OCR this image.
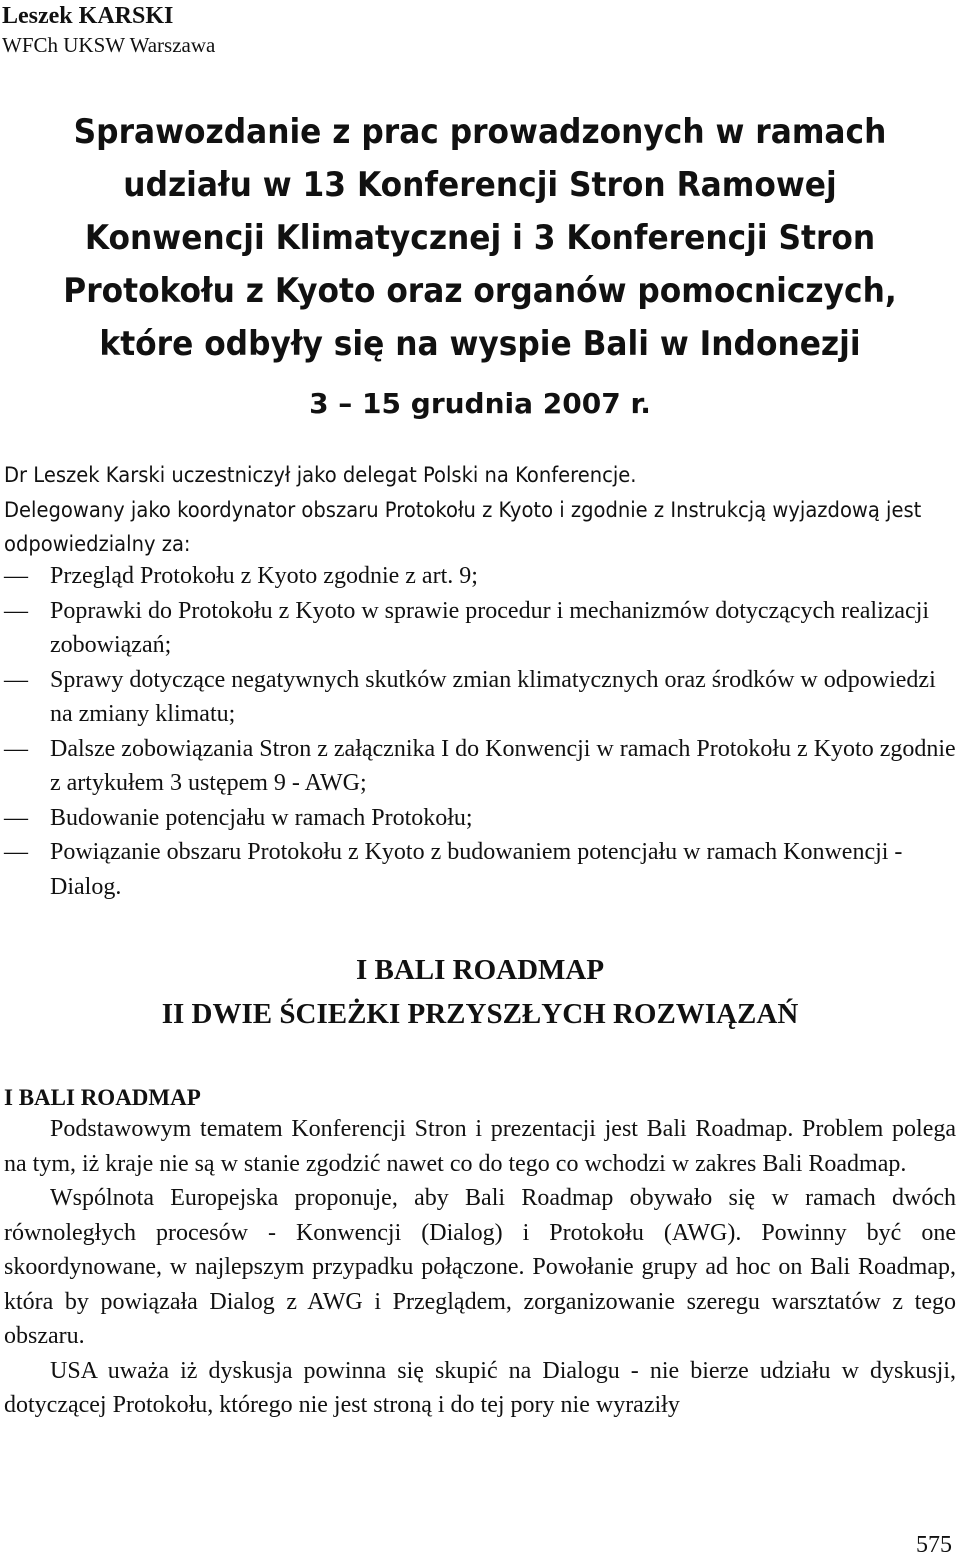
Leszek KARSKI
WFCh UKSW Warszawa
Sprawozdanie z prac prowadzonych w ramach
udziału w 13 Konferencji Stron Ramowej
Konwencji Klimatycznej i 3 Konferencji Stron
Protokołu z Kyoto oraz organów pomocniczych,
które odbyły się na wyspie Bali w Indonezji
3 – 15 grudnia 2007 r.
Dr Leszek Karski uczestniczył jako delegat Polski na Konferencje.
Delegowany jako koordynator obszaru Protokołu z Kyoto i zgodnie z Instrukcją wyjazdową jest odpowiedzialny za:
— Przegląd Protokołu z Kyoto zgodnie z art. 9;
— Poprawki do Protokołu z Kyoto w sprawie procedur i mechanizmów dotyczących realizacji zobowiązań;
— Sprawy dotyczące negatywnych skutków zmian klimatycznych oraz środków w odpowiedzi na zmiany klimatu;
— Dalsze zobowiązania Stron z załącznika I do Konwencji w ramach Protokołu z Kyoto zgodnie z artykułem 3 ustępem 9 - AWG;
— Budowanie potencjału w ramach Protokołu;
— Powiązanie obszaru Protokołu z Kyoto z budowaniem potencjału w ramach Konwencji - Dialog.
I BALI ROADMAP
II DWIE ŚCIEŻKI PRZYSZŁYCH ROZWIĄZAŃ
I BALI ROADMAP
Podstawowym tematem Konferencji Stron i prezentacji jest Bali Roadmap. Problem polega na tym, iż kraje nie są w stanie zgodzić nawet co do tego co wchodzi w zakres Bali Roadmap.
Wspólnota Europejska proponuje, aby Bali Roadmap obywało się w ramach dwóch równoległych procesów - Konwencji (Dialog) i Protokołu (AWG). Powinny być one skoordynowane, w najlepszym przypadku połączone. Powołanie grupy ad hoc on Bali Roadmap, która by powiązała Dialog z AWG i Przeglądem, zorganizowanie szeregu warsztatów z tego obszaru.
USA uważa iż dyskusja powinna się skupić na Dialogu - nie bierze udziału w dyskusji, dotyczącej Protokołu, którego nie jest stroną i do tej pory nie wyraziły
575
